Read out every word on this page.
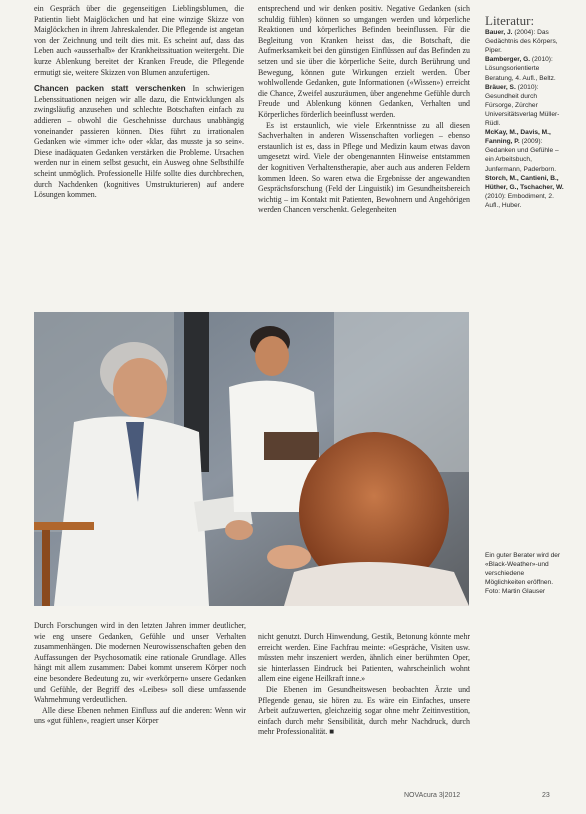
ein Gespräch über die gegenseitigen Lieblingsblumen, die Patientin liebt Maiglöckchen und hat eine winzige Skizze von Maiglöckchen in ihrem Jahreskalender. Die Pflegende ist angetan von der Zeichnung und teilt dies mit. Es scheint auf, dass das Leben auch «ausserhalb» der Krankheitssituation weitergeht. Die kurze Ablenkung bereitet der Kranken Freude, die Pflegende ermutigt sie, weitere Skizzen von Blumen anzufertigen.

Chancen packen statt verschenken In schwierigen Lebenssituationen neigen wir alle dazu, die Entwicklungen als zwingsläufig anzusehen und schlechte Botschaften einfach zu addieren – obwohl die Geschehnisse durchaus unabhängig voneinander passieren können. Dies führt zu irrationalen Gedanken wie «immer ich» oder «klar, das musste ja so sein». Diese inadäquaten Gedanken verstärken die Probleme. Ursachen werden nur in einem selbst gesucht, ein Ausweg ohne Selbsthilfe scheint unmöglich. Professionelle Hilfe sollte dies durchbrechen, durch Nachdenken (kognitives Umstrukturieren) auf andere Lösungen kommen.

entsprechend und wir denken positiv. Negative Gedanken (sich schuldig fühlen) können so umgangen werden und körperliche Reaktionen und körperliches Befinden beeinflussen. Für die Begleitung von Kranken heisst das, die Botschaft, die Aufmerksamkeit bei den günstigen Einflüssen auf das Befinden zu setzen und sie über die körperliche Seite, durch Berührung und Bewegung, können gute Wirkungen erzielt werden. Über wohlwollende Gedanken, gute Informationen («Wissen») erreicht die Chance, Zweifel auszuräumen, über angenehme Gefühle durch Freude und Ablenkung können Gedanken, Verhalten und Körperliches förderlich beeinflusst werden.

Es ist erstaunlich, wie viele Erkenntnisse zu all diesen Sachverhalten in anderen Wissenschaften vorliegen – ebenso erstaunlich ist es, dass in Pflege und Medizin kaum etwas davon umgesetzt wird. Viele der obengenannten Hinweise entstammen der kognitiven Verhaltenstherapie, aber auch aus anderen Feldern kommen Ideen. So waren etwa die Ergebnisse der angewandten Gesprächsforschung (Feld der Linguistik) im Gesundheitsbereich wichtig – im Kontakt mit Patienten, Bewohnern und Angehörigen werden Chancen verschenkt. Gelegenheiten

Literatur:

Bauer, J. (2004): Das Gedächtnis des Körpers, Piper.

Bamberger, G. (2010): Lösungsorientierte Beratung, 4. Aufl., Beltz.

Bräuer, S. (2010): Gesundheit durch Fürsorge, Zürcher Universitätsverlag Müller-Rüdl.

McKay, M., Davis, M., Fanning, P. (2009): Gedanken und Gefühle – ein Arbeitsbuch, Junfermann, Paderborn.

Storch, M., Cantieni, B., Hüther, G., Tschacher, W. (2010): Embodiment, 2. Aufl., Huber.

Ein guter Berater wird der «Black-Weather»-und verschiedene Möglichkeiten eröffnen. Foto: Martin Glauser

Durch Forschungen wird in den letzten Jahren immer deutlicher, wie eng unsere Gedanken, Gefühle und unser Verhalten zusammenhängen. Die modernen Neurowissenschaften geben den Auffassungen der Psychosomatik eine rationale Grundlage. Alles hängt mit allem zusammen: Dabei kommt unserem Körper noch eine besondere Bedeutung zu, wir «verkörpern» unsere Gedanken und Gefühle, der Begriff des «Leibes» soll diese umfassende Wahrnehmung verdeutlichen.

Alle diese Ebenen nehmen Einfluss auf die anderen: Wenn wir uns «gut fühlen», reagiert unser Körper

nicht genutzt. Durch Hinwendung, Gestik, Betonung könnte mehr erreicht werden. Eine Fachfrau meinte: «Gespräche, Visiten usw. müssten mehr inszeniert werden, ähnlich einer berühmten Oper, sie hinterlassen Eindruck bei Patienten, wahrscheinlich wohnt allem eine eigene Heilkraft inne.»

Die Ebenen im Gesundheitswesen beobachten Ärzte und Pflegende genau, sie hören zu. Es wäre ein Einfaches, unsere Arbeit aufzuwerten, gleichzeitig sogar ohne mehr Zeitinvestition, einfach durch mehr Sensibilität, durch mehr Nachdruck, durch mehr Professionalität. ■

NOVAcura 3|2012	23
